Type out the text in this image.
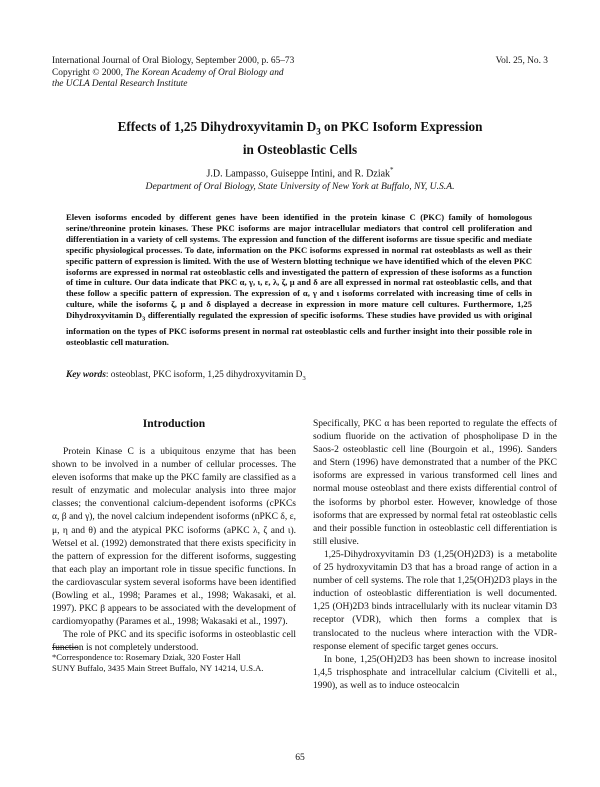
International Journal of Oral Biology, September 2000, p. 65–73
Copyright © 2000, The Korean Academy of Oral Biology and
the UCLA Dental Research Institute
Vol. 25, No. 3
Effects of 1,25 Dihydroxyvitamin $D_3$ on PKC Isoform Expression
in Osteoblastic Cells
J.D. Lampasso, Guiseppe Intini, and R. Dziak*
Department of Oral Biology, State University of New York at Buffalo, NY, U.S.A.
Eleven isoforms encoded by different genes have been identified in the protein kinase C (PKC) family of homologous serine/threonine protein kinases. These PKC isoforms are major intracellular mediators that control cell proliferation and differentiation in a variety of cell systems. The expression and function of the different isoforms are tissue specific and mediate specific physiological processes. To date, information on the PKC isoforms expressed in normal rat osteoblasts as well as their specific pattern of expression is limited. With the use of Western blotting technique we have identified which of the eleven PKC isoforms are expressed in normal rat osteoblastic cells and investigated the pattern of expression of these isoforms as a function of time in culture. Our data indicate that PKC α, γ, ι, ε, λ, ζ, μ and δ are all expressed in normal rat osteoblastic cells, and that these follow a specific pattern of expression. The expression of α, γ and ι isoforms correlated with increasing time of cells in culture, while the isoforms ζ, μ and δ displayed a decrease in expression in more mature cell cultures. Furthermore, 1,25 Dihydroxyvitamin $D_3$ differentially regulated the expression of specific isoforms. These studies have provided us with original information on the types of PKC isoforms present in normal rat osteoblastic cells and further insight into their possible role in osteoblastic cell maturation.
Key words: osteoblast, PKC isoform, 1,25 dihydroxyvitamin $D_3$
Introduction

Protein Kinase C is a ubiquitous enzyme that has been shown to be involved in a number of cellular processes. The eleven isoforms that make up the PKC family are classified as a result of enzymatic and molecular analysis into three major classes; the conventional calcium-dependent isoforms (cPKCs α, β and γ), the novel calcium independent isoforms (nPKC δ, ε, μ, η and θ) and the atypical PKC isoforms (aPKC λ, ζ and ι). Wetsel et al. (1992) demonstrated that there exists specificity in the pattern of expression for the different isoforms, suggesting that each play an important role in tissue specific functions. In the cardiovascular system several isoforms have been identified (Bowling et al., 1998; Parames et al., 1998; Wakasaki, et al. 1997). PKC β appears to be associated with the development of cardiomyopathy (Parames et al., 1998; Wakasaki et al., 1997).

The role of PKC and its specific isoforms in osteoblastic cell function is not completely understood.

Specifically, PKC α has been reported to regulate the effects of sodium fluoride on the activation of phospholipase D in the Saos-2 osteoblastic cell line (Bourgoin et al., 1996). Sanders and Stern (1996) have demonstrated that a number of the PKC isoforms are expressed in various transformed cell lines and normal mouse osteoblast and there exists differential control of the isoforms by phorbol ester. However, knowledge of those isoforms that are expressed by normal fetal rat osteoblastic cells and their possible function in osteoblastic cell differentiation is still elusive.

1,25-Dihydroxyvitamin D3 (1,25(OH)2D3) is a metabolite of 25 hydroxyvitamin D3 that has a broad range of action in a number of cell systems. The role that 1,25(OH)2D3 plays in the induction of osteoblastic differentiation is well documented. 1,25 (OH)2D3 binds intracellularly with its nuclear vitamin D3 receptor (VDR), which then forms a complex that is translocated to the nucleus where interaction with the VDR-response element of specific target genes occurs.

In bone, 1,25(OH)2D3 has been shown to increase inositol 1,4,5 trisphosphate and intracellular calcium (Civitelli et al., 1990), as well as to induce osteocalcin

*Correspondence to: Rosemary Dziak, 320 Foster Hall
SUNY Buffalo, 3435 Main Street Buffalo, NY 14214, U.S.A.
65
